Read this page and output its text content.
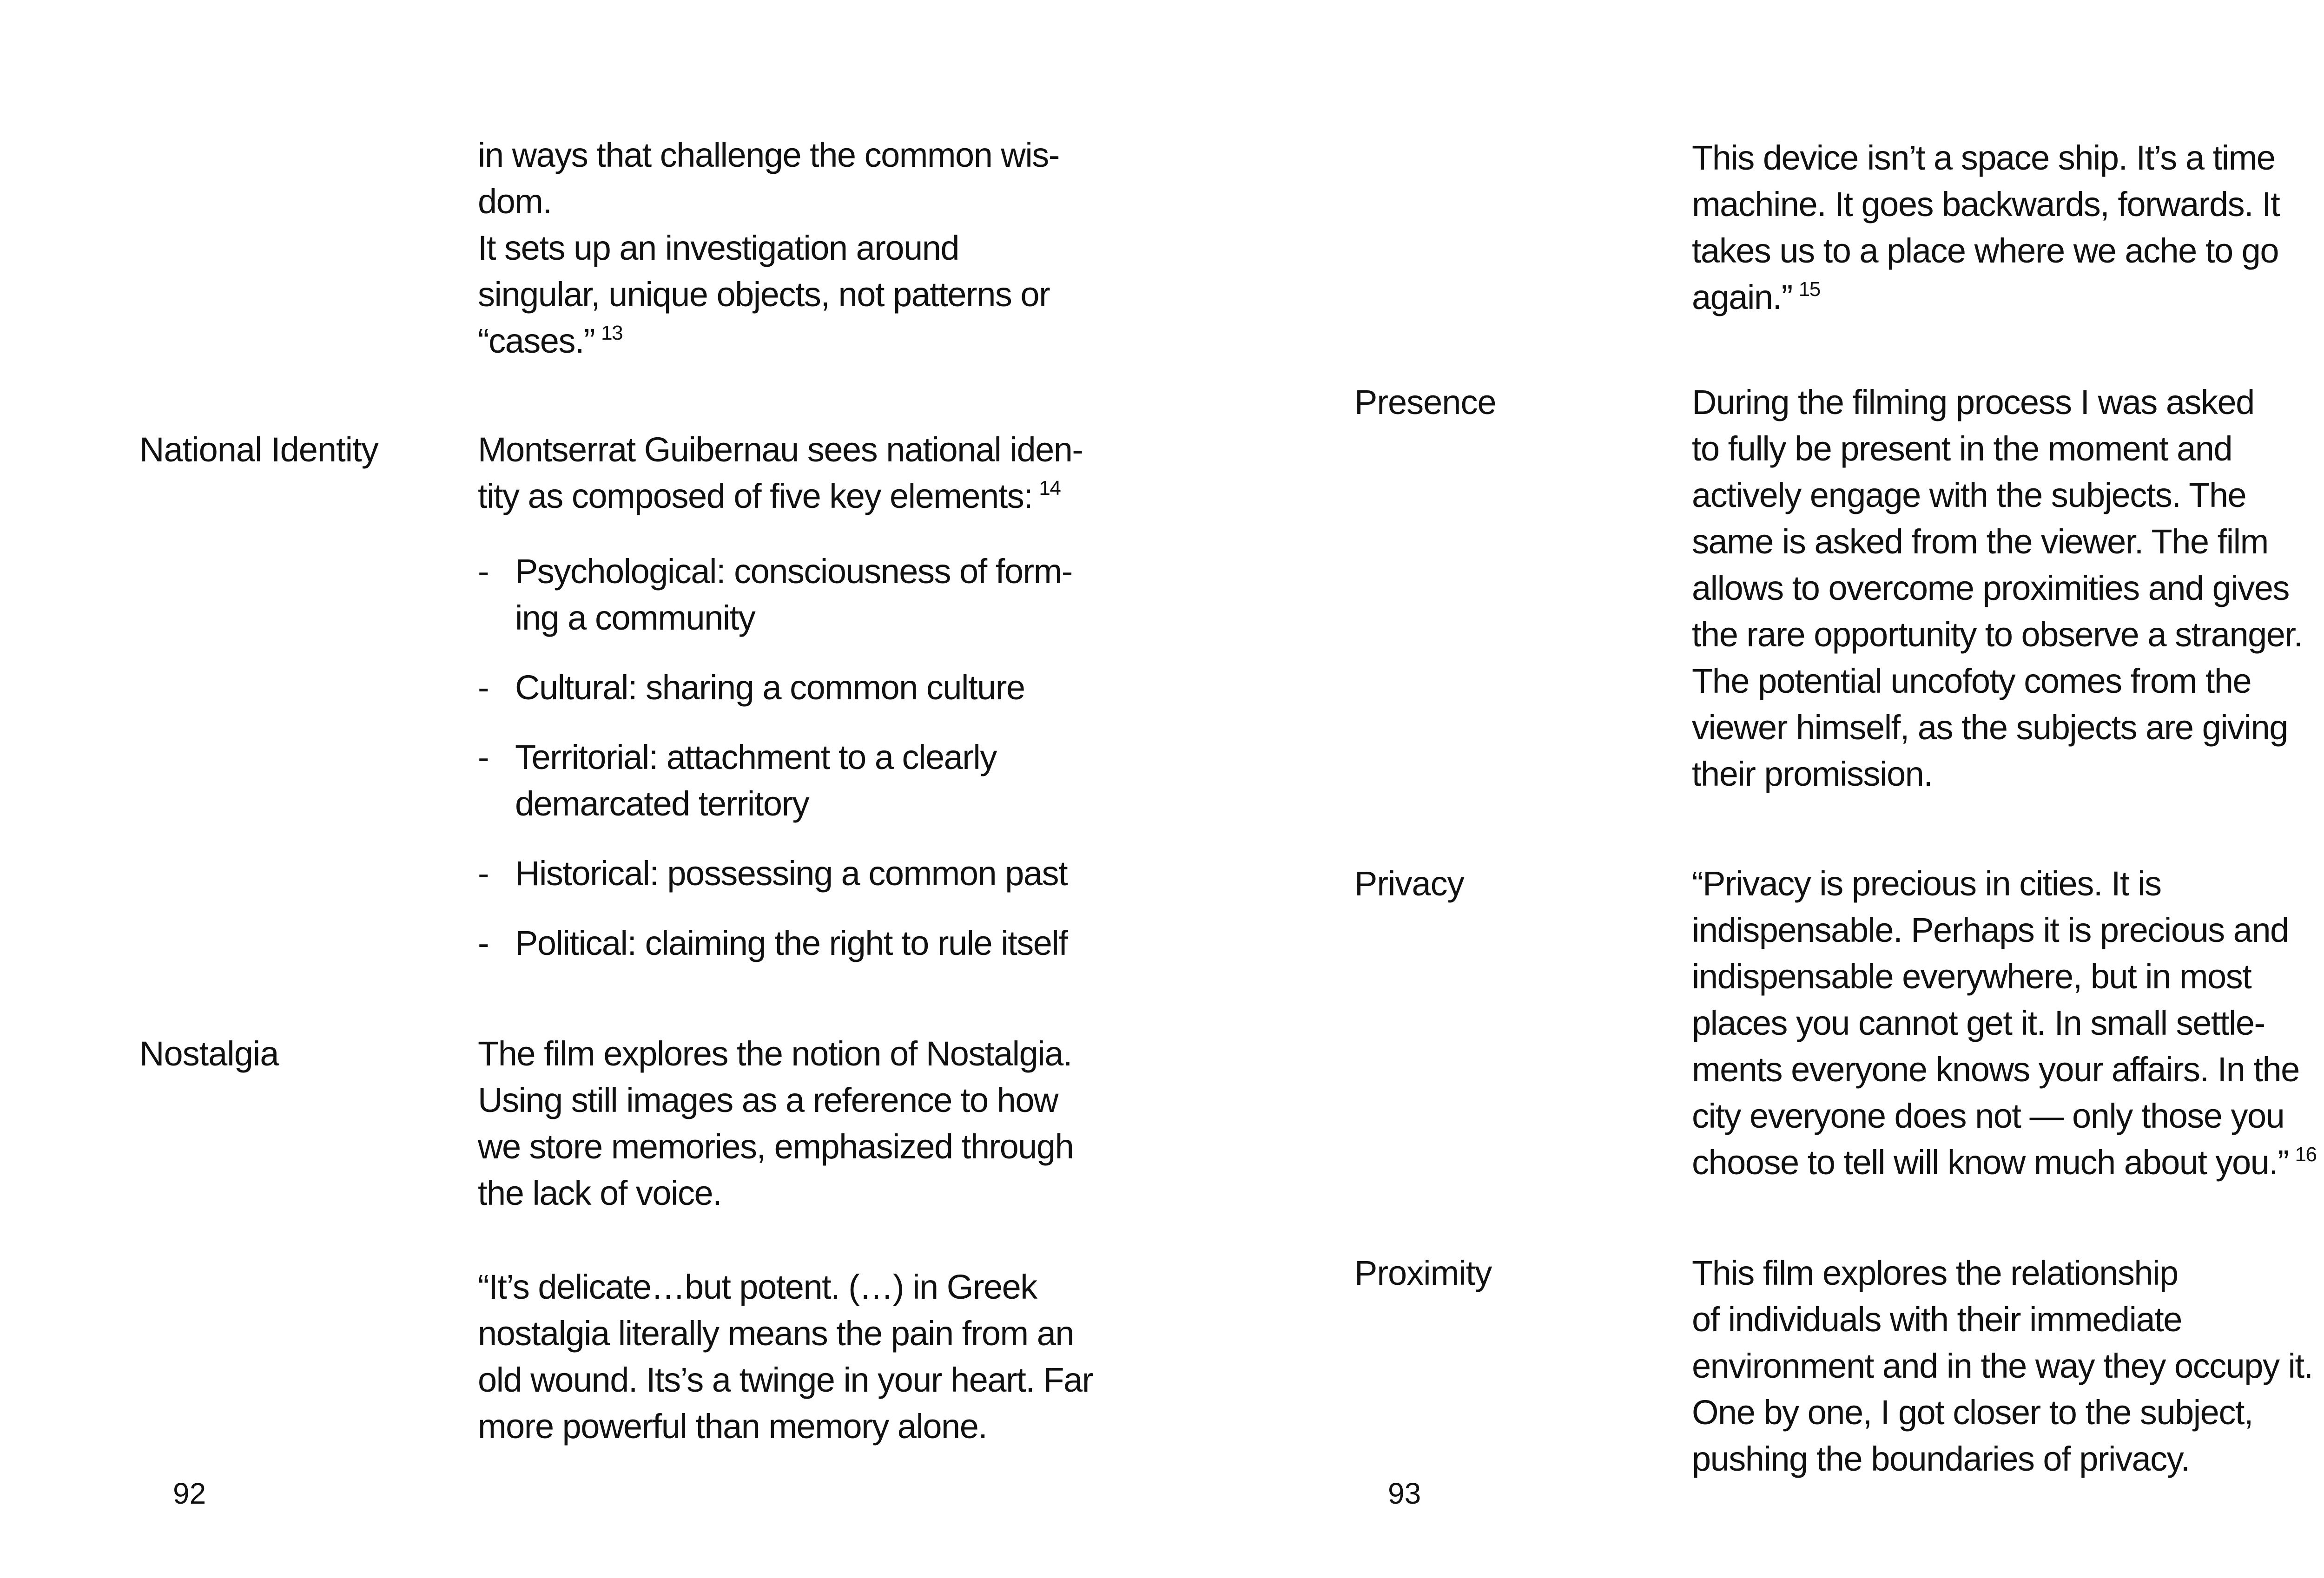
in ways that challenge the common wis-

dom.

It sets up an investigation around

singular, unique objects, not patterns or

“cases.” $^{13}$

National Identity	Montserrat Guibernau sees national iden-

tity as composed of five key elements: $^{14}$

- Psychological: consciousness of form-
ing a community
- Cultural: sharing a common culture
- Territorial: attachment to a clearly
demarcated territory
- Historical: possessing a common past
- Political: claiming the right to rule itself
Nostalgia	The film explores the notion of Nostalgia.

Using still images as a reference to how

we store memories, emphasized through

the lack of voice.

“It’s delicate…but potent. (…) in Greek

nostalgia literally means the pain from an

old wound. Its’s a twinge in your heart. Far

more powerful than memory alone.

92

This device isn’t a space ship. It’s a time

machine. It goes backwards, forwards. It

takes us to a place where we ache to go

again.” $^{15}$

Presence	During the filming process I was asked

to fully be present in the moment and

actively engage with the subjects. The

same is asked from the viewer. The film

allows to overcome proximities and gives

the rare opportunity to observe a stranger.

The potential uncofoty comes from the

viewer himself, as the subjects are giving

their promission.

Privacy	“Privacy is precious in cities. It is

indispensable. Perhaps it is precious and

indispensable everywhere, but in most

places you cannot get it. In small settle-

ments everyone knows your affairs. In the

city everyone does not — only those you

choose to tell will know much about you.” $^{16}$

Proximity	This film explores the relationship

of individuals with their immediate

environment and in the way they occupy it.

One by one, I got closer to the subject,

pushing the boundaries of privacy.

93
